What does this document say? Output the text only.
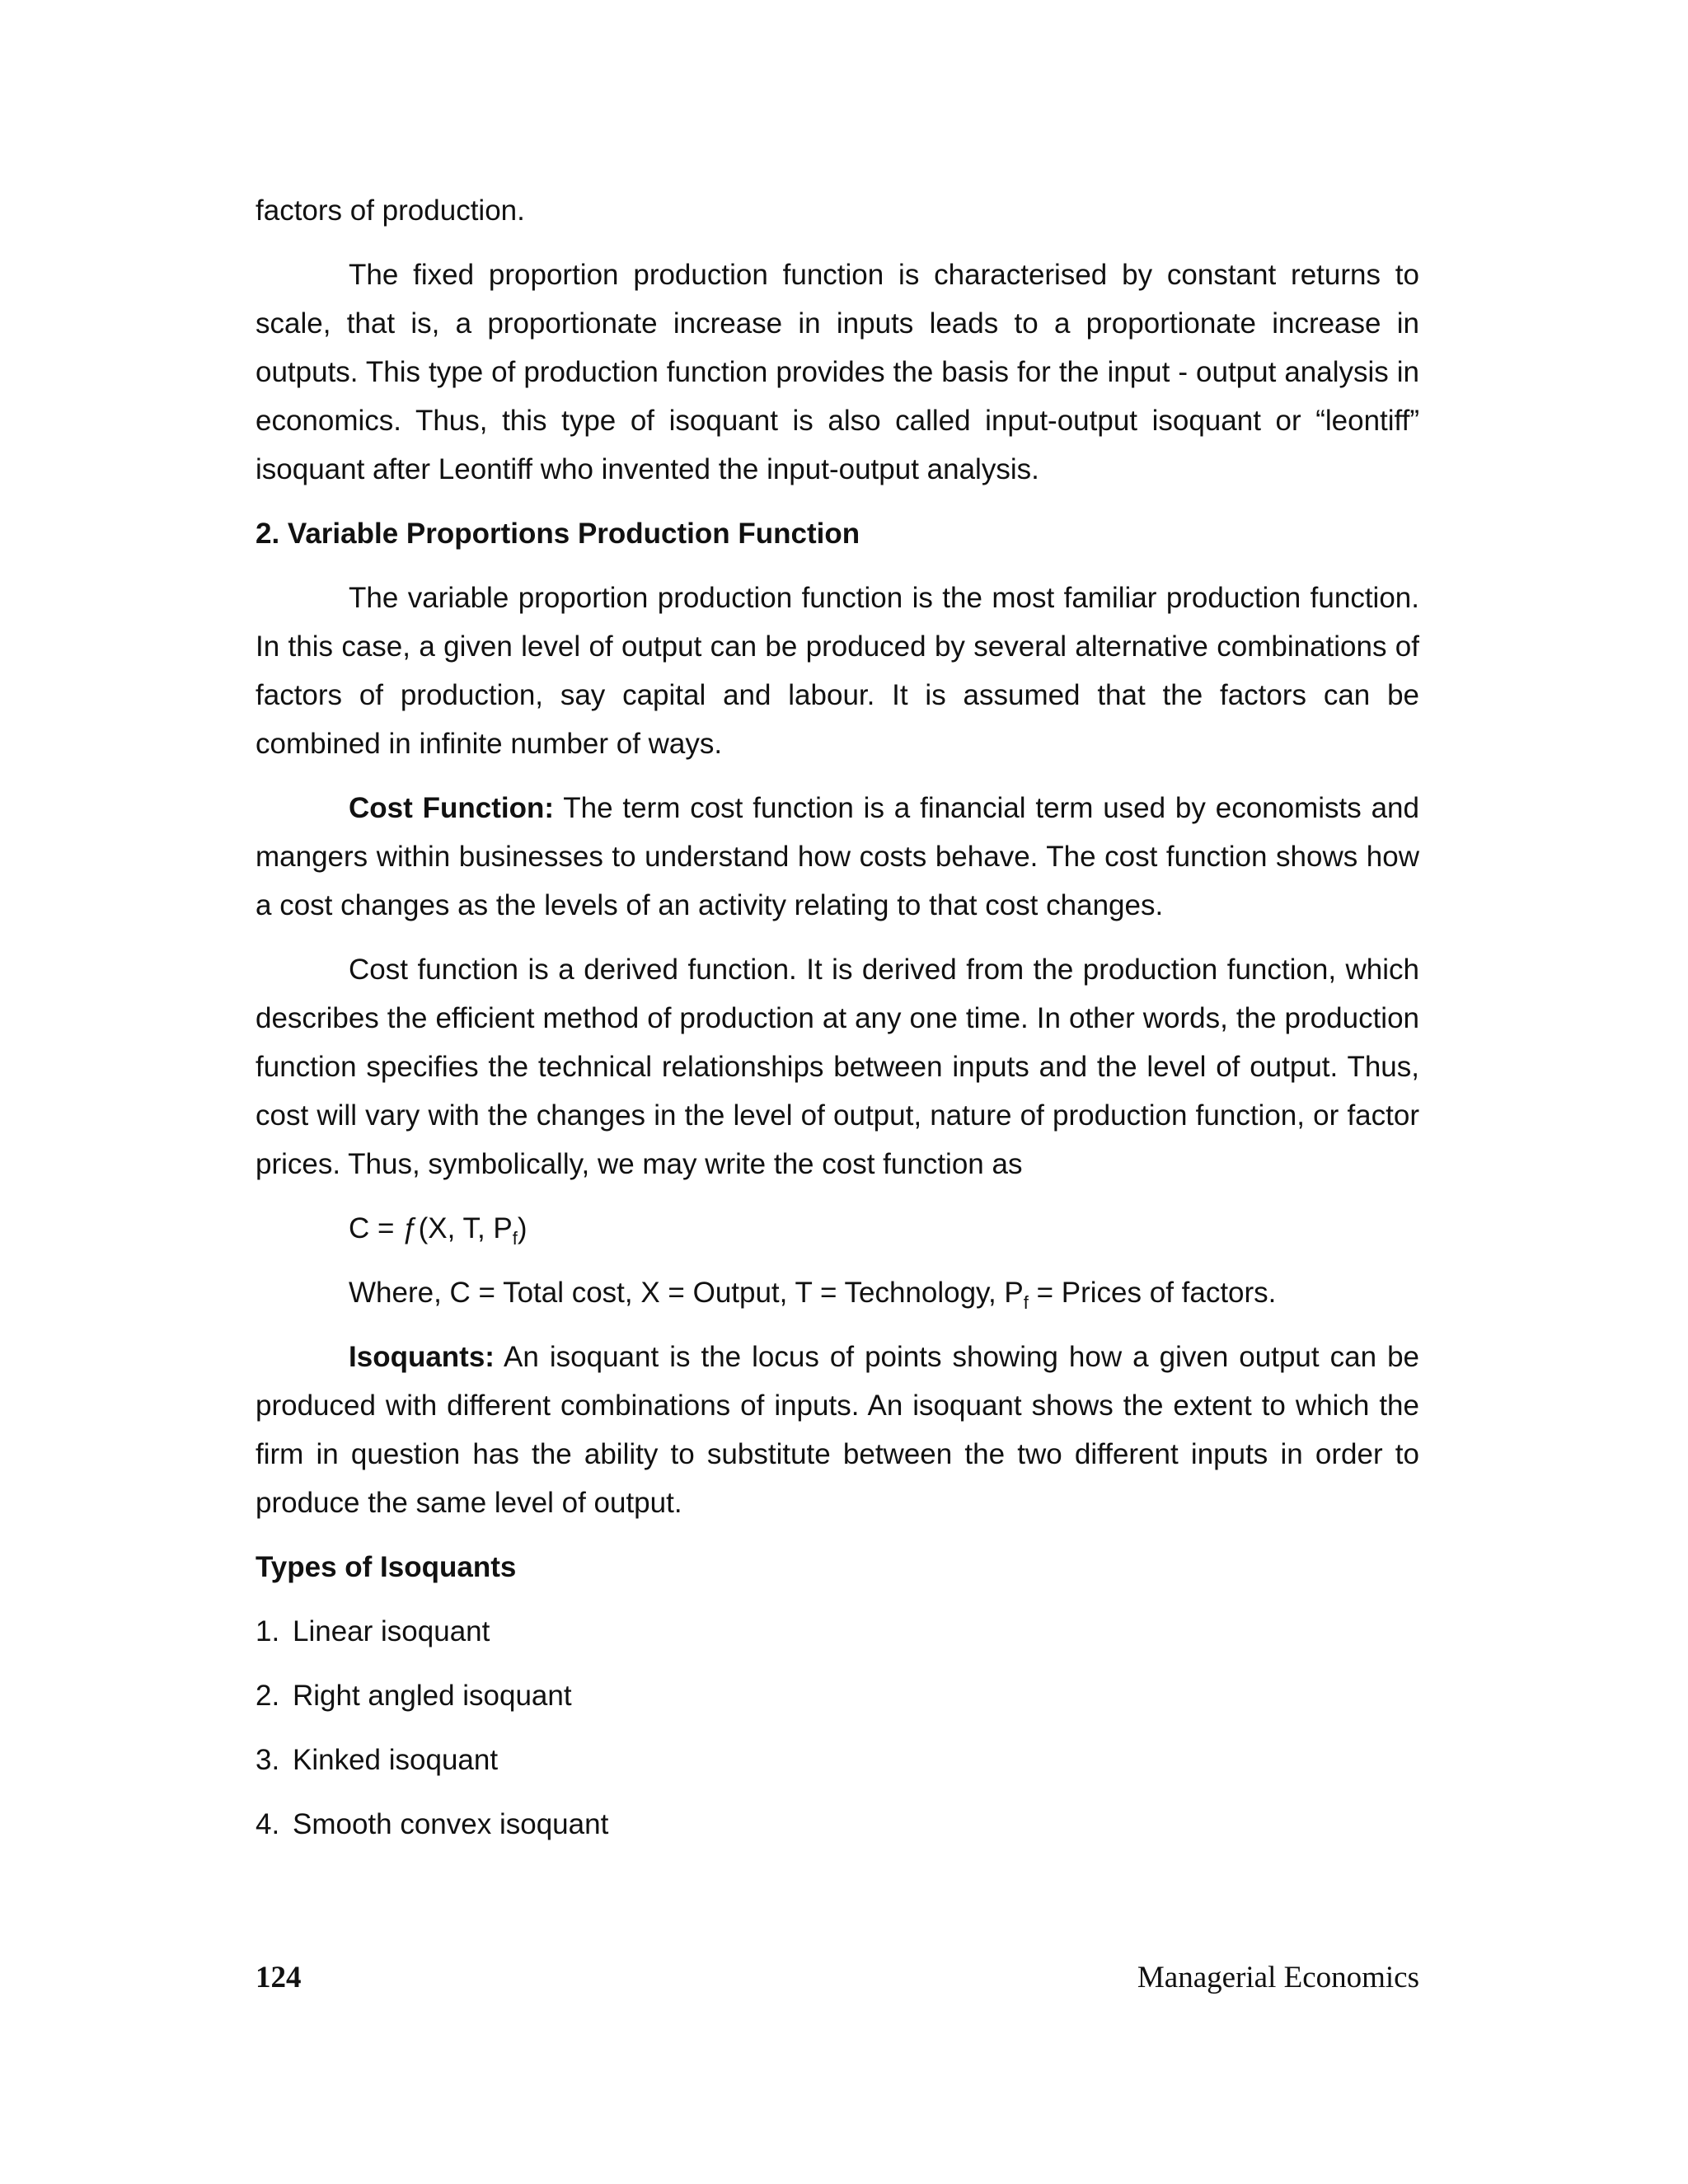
factors of production.

The fixed proportion production function is characterised by constant returns to scale, that is, a proportionate increase in inputs leads to a proportionate increase in outputs. This type of production function provides the basis for the input - output analysis in economics. Thus, this type of isoquant is also called input-output isoquant or “leontiff” isoquant after Leontiff who invented the input-output analysis.

2. Variable Proportions Production Function

The variable proportion production function is the most familiar production function. In this case, a given level of output can be produced by several alternative combinations of factors of production, say capital and labour. It is assumed that the factors can be combined in infinite number of ways.

Cost Function: The term cost function is a financial term used by economists and mangers within businesses to understand how costs behave. The cost function shows how a cost changes as the levels of an activity relating to that cost changes.

Cost function is a derived function. It is derived from the production function, which describes the efficient method of production at any one time. In other words, the production function specifies the technical relationships between inputs and the level of output. Thus, cost will vary with the changes in the level of output, nature of production function, or factor prices. Thus, symbolically, we may write the cost function as

C = ƒ(X, T, $P_f$)
Where, C = Total cost, X = Output, T = Technology, $P_f$ = Prices of factors.

Isoquants: An isoquant is the locus of points showing how a given output can be produced with different combinations of inputs. An isoquant shows the extent to which the firm in question has the ability to substitute between the two different inputs in order to produce the same level of output.

Types of Isoquants
1. Linear isoquant
2. Right angled isoquant
3. Kinked isoquant
4. Smooth convex isoquant
124	Managerial Economics
